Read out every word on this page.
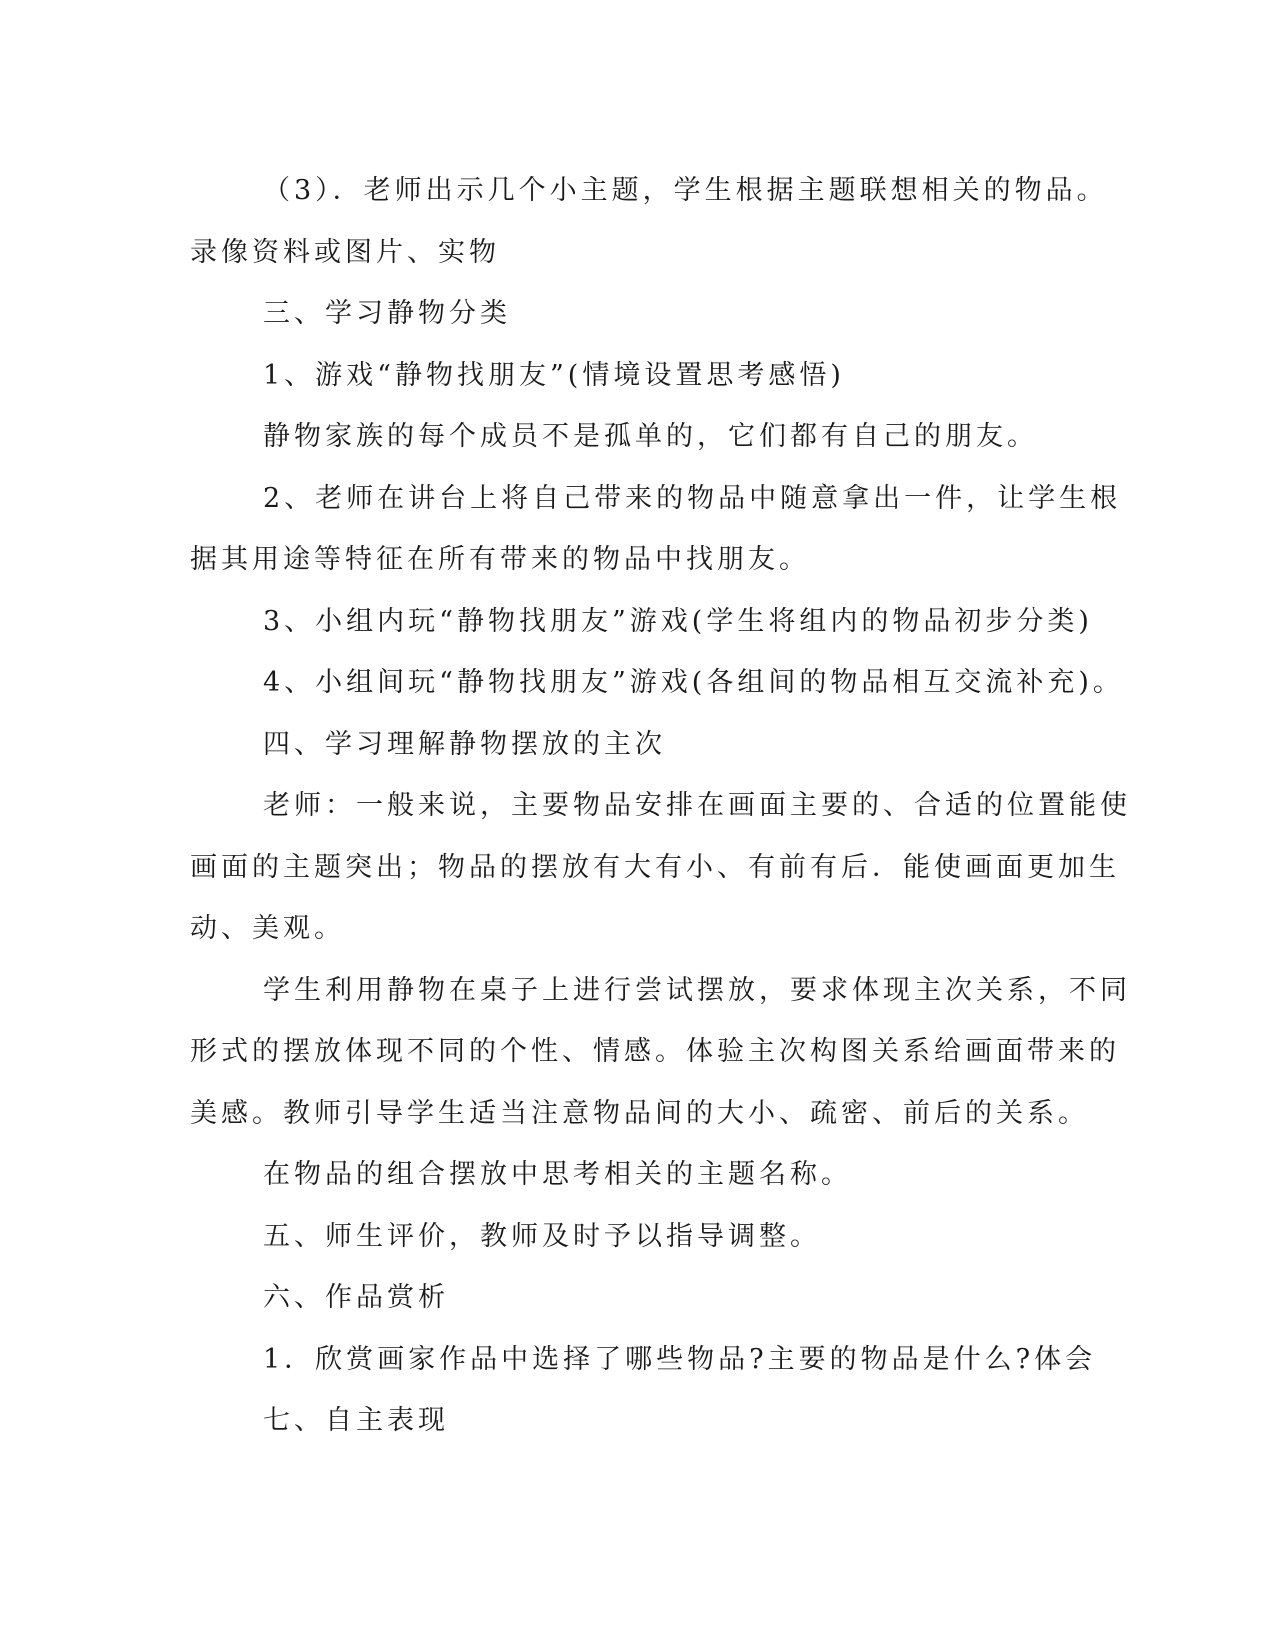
（3）．老师出示几个小主题，学生根据主题联想相关的物品。

录像资料或图片、实物

三、学习静物分类

1、游戏“静物找朋友”(情境设置思考感悟)

静物家族的每个成员不是孤单的，它们都有自己的朋友。

2、老师在讲台上将自己带来的物品中随意拿出一件，让学生根

据其用途等特征在所有带来的物品中找朋友。

3、小组内玩“静物找朋友”游戏(学生将组内的物品初步分类)

4、小组间玩“静物找朋友”游戏(各组间的物品相互交流补充)。

四、学习理解静物摆放的主次

老师：一般来说，主要物品安排在画面主要的、合适的位置能使

画面的主题突出；物品的摆放有大有小、有前有后．能使画面更加生

动、美观。

学生利用静物在桌子上进行尝试摆放，要求体现主次关系，不同

形式的摆放体现不同的个性、情感。体验主次构图关系给画面带来的

美感。教师引导学生适当注意物品间的大小、疏密、前后的关系。

在物品的组合摆放中思考相关的主题名称。

五、师生评价，教师及时予以指导调整。

六、作品赏析

1．欣赏画家作品中选择了哪些物品?主要的物品是什么?体会

七、自主表现
